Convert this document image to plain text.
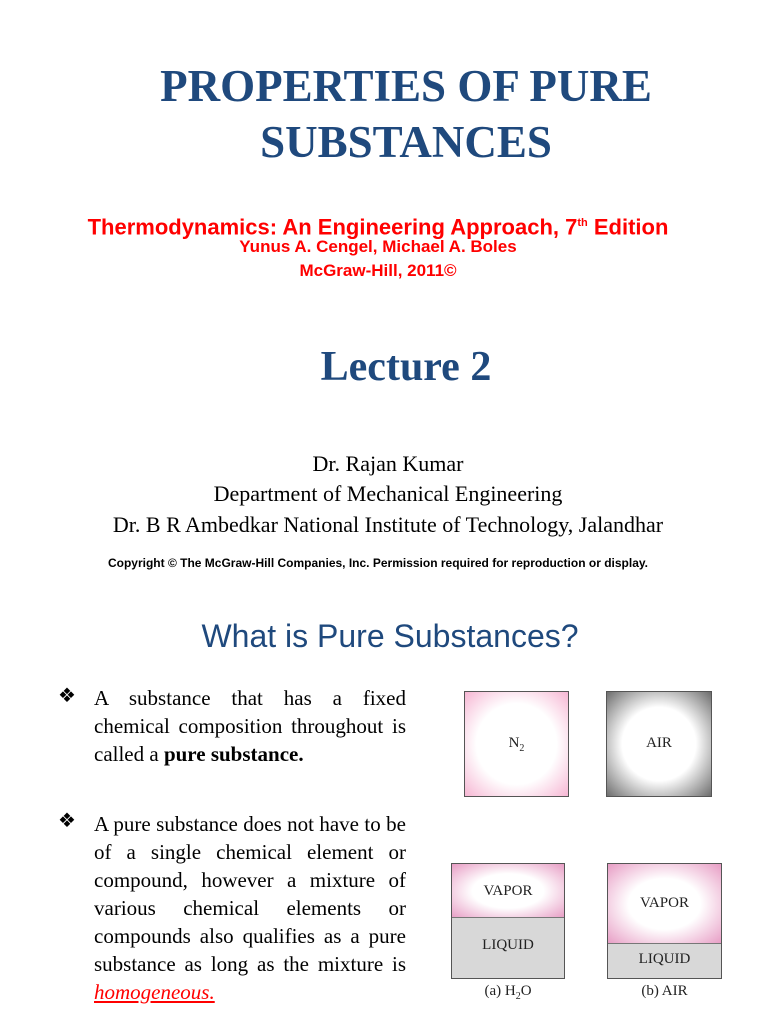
PROPERTIES OF PURE
SUBSTANCES
Thermodynamics: An Engineering Approach, 7th Edition
Yunus A. Cengel, Michael A. Boles
McGraw-Hill, 2011©
Lecture 2
Dr. Rajan Kumar
Department of Mechanical Engineering
Dr. B R Ambedkar National Institute of Technology, Jalandhar
Copyright © The McGraw-Hill Companies, Inc. Permission required for reproduction or display.
What is Pure Substances?
❖ A substance that has a fixed chemical composition throughout is called a pure substance.
❖ A pure substance does not have to be of a single chemical element or compound, however a mixture of various chemical elements or compounds also qualifies as a pure substance as long as the mixture is homogeneous.
$N_2$	AIR
VAPOR
LIQUID
(a) $H_2O$
VAPOR
LIQUID
(b) AIR
